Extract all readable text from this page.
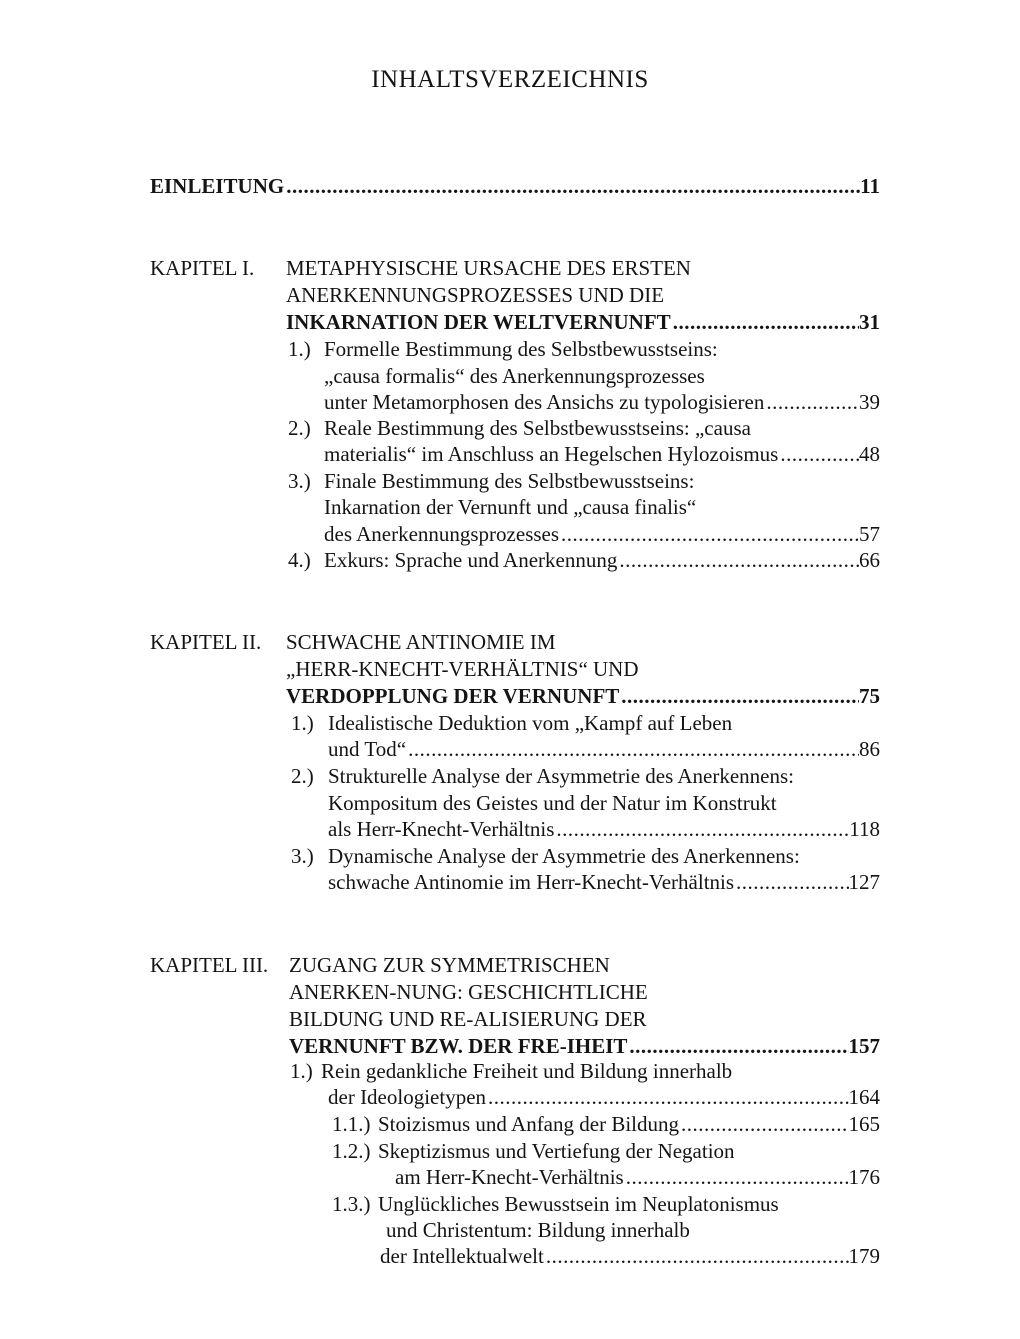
INHALTSVERZEICHNIS
EINLEITUNG .....	11
KAPITEL I. METAPHYSISCHE URSACHE DES ERSTEN
ANERKENNUNGSPROZESSES UND DIE
INKARNATION DER WELTVERNUNFT .....	31
1.) Formelle Bestimmung des Selbstbewusstseins:
„causa formalis“ des Anerkennungsprozesses
unter Metamorphosen des Ansichs zu typologisieren .....	39
2.) Reale Bestimmung des Selbstbewusstseins: „causa
materialis“ im Anschluss an Hegelschen Hylozoismus .....	48
3.) Finale Bestimmung des Selbstbewusstseins:
Inkarnation der Vernunft und „causa finalis“
des Anerkennungsprozesses .....	57
4.) Exkurs: Sprache und Anerkennung .....	66
KAPITEL II. SCHWACHE ANTINOMIE IM
„HERR-KNECHT-VERHÄLTNIS“ UND
VERDOPPLUNG DER VERNUNFT .....	75
1.) Idealistische Deduktion vom „Kampf auf Leben
und Tod“ .....	86
2.) Strukturelle Analyse der Asymmetrie des Anerkennens:
Kompositum des Geistes und der Natur im Konstrukt
als Herr-Knecht-Verhältnis .....	118
3.) Dynamische Analyse der Asymmetrie des Anerkennens:
schwache Antinomie im Herr-Knecht-Verhältnis .....	127
KAPITEL III. ZUGANG ZUR SYMMETRISCHEN
ANERKEN-NUNG: GESCHICHTLICHE
BILDUNG UND RE-ALISIERUNG DER
VERNUNFT BZW. DER FRE-IHEIT .....	157
1.) Rein gedankliche Freiheit und Bildung innerhalb
der Ideologietypen .....	164
1.1.) Stoizismus und Anfang der Bildung .....	165
1.2.) Skeptizismus und Vertiefung der Negation
am Herr-Knecht-Verhältnis .....	176
1.3.) Unglückliches Bewusstsein im Neuplatonismus
und Christentum: Bildung innerhalb
der Intellektualwelt .....	179
